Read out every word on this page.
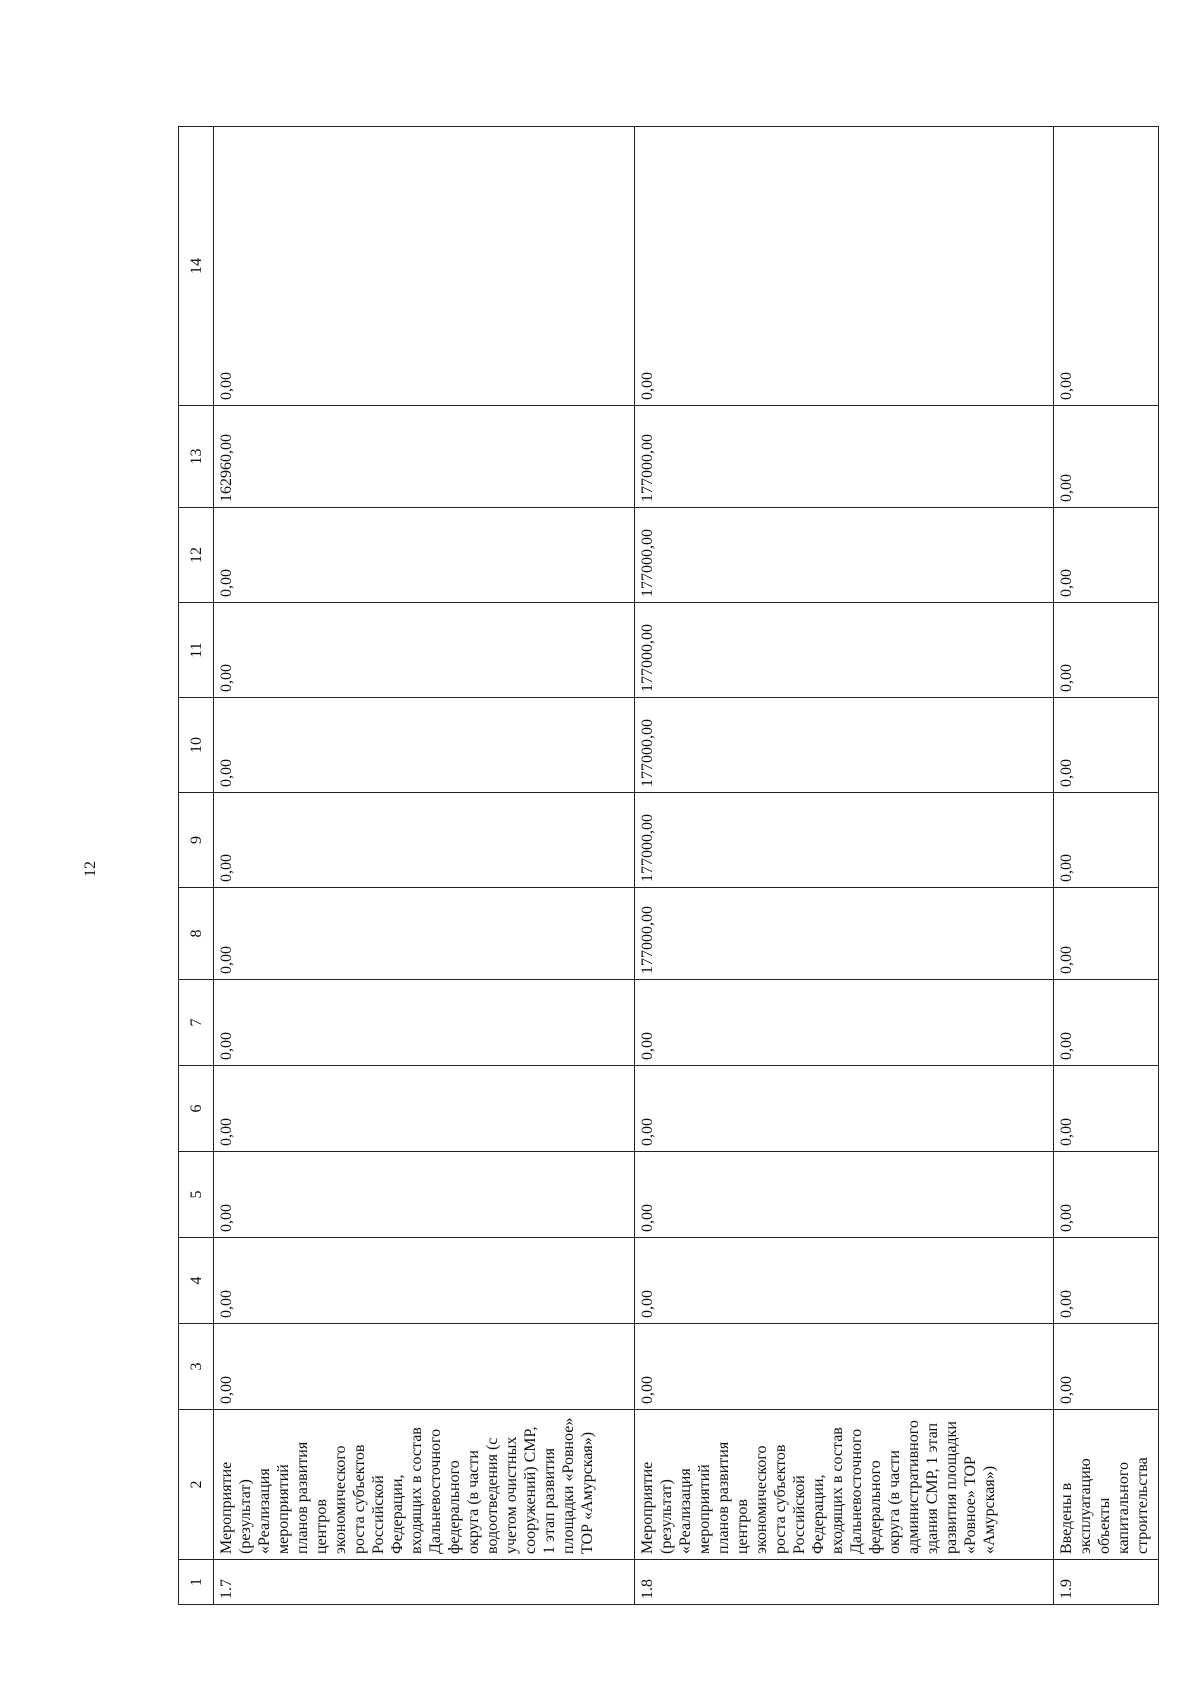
12
1	2	3	4	5	6	7	8	9	10	11	12	13	14
1.7	Мероприятие (результат) «Реализация мероприятий планов развития центров экономического роста субъектов Российской Федерации, входящих в состав Дальневосточного федерального округа (в части водоотведения (с учетом очистных сооружений) СМР, 1 этап развития площадки «Ровное» ТОР «Амурская»)	0,00	0,00	0,00	0,00	0,00	0,00	0,00	0,00	0,00	0,00	162960,00	0,00
1.8	Мероприятие (результат) «Реализация мероприятий планов развития центров экономического роста субъектов Российской Федерации, входящих в состав Дальневосточного федерального округа (в части административного здания СМР, 1 этап развития площадки «Ровное» ТОР «Амурская»)	0,00	0,00	0,00	0,00	0,00	177000,00	177000,00	177000,00	177000,00	177000,00	177000,00	0,00
1.9	Введены в эксплуатацию объекты капитального строительства	0,00	0,00	0,00	0,00	0,00	0,00	0,00	0,00	0,00	0,00	0,00	0,00
